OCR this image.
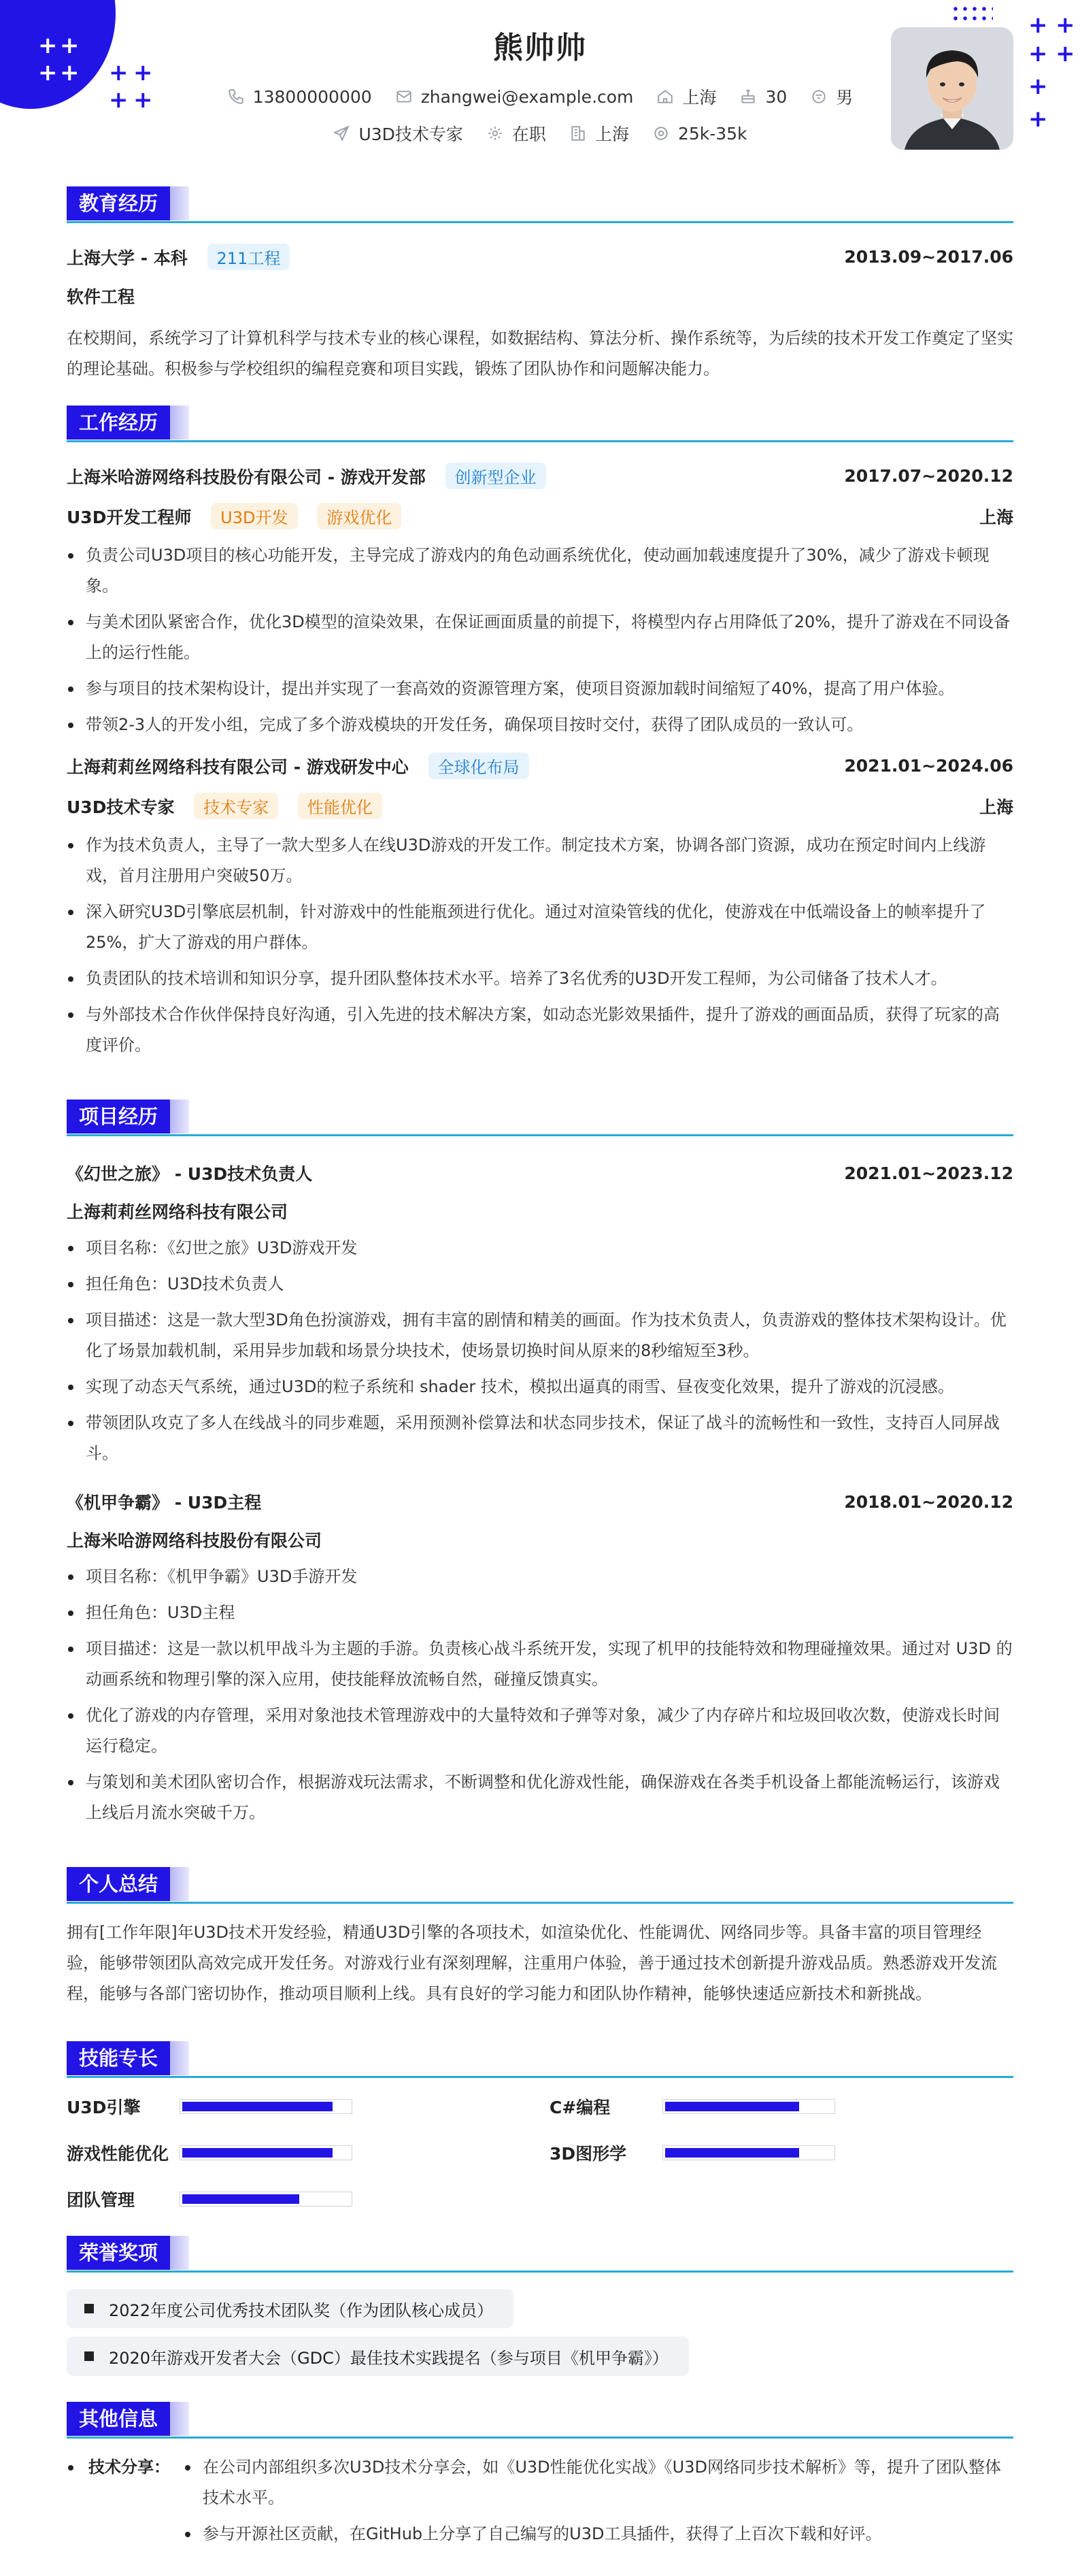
+ +
+ + + +
+ +
+ +
+ +
+
+
熊帅帅
13800000000	zhangwei@example.com	上海	30	男
U3D技术专家	在职	上海	25k-35k
教育经历
上海大学 - 本科 211工程	2013.09~2017.06
软件工程
在校期间，系统学习了计算机科学与技术专业的核心课程，如数据结构、算法分析、操作系统等，为后续的技术开发工作奠定了坚实的理论基础。积极参与学校组织的编程竞赛和项目实践，锻炼了团队协作和问题解决能力。
工作经历
上海米哈游网络科技股份有限公司 - 游戏开发部 创新型企业	2017.07~2020.12
U3D开发工程师 U3D开发 游戏优化	上海
负责公司U3D项目的核心功能开发，主导完成了游戏内的角色动画系统优化，使动画加载速度提升了30%，减少了游戏卡顿现象。
与美术团队紧密合作，优化3D模型的渲染效果，在保证画面质量的前提下，将模型内存占用降低了20%，提升了游戏在不同设备上的运行性能。
参与项目的技术架构设计，提出并实现了一套高效的资源管理方案，使项目资源加载时间缩短了40%，提高了用户体验。
带领2-3人的开发小组，完成了多个游戏模块的开发任务，确保项目按时交付，获得了团队成员的一致认可。
上海莉莉丝网络科技有限公司 - 游戏研发中心 全球化布局	2021.01~2024.06
U3D技术专家 技术专家 性能优化	上海
作为技术负责人，主导了一款大型多人在线U3D游戏的开发工作。制定技术方案，协调各部门资源，成功在预定时间内上线游戏，首月注册用户突破50万。
深入研究U3D引擎底层机制，针对游戏中的性能瓶颈进行优化。通过对渲染管线的优化，使游戏在中低端设备上的帧率提升了25%，扩大了游戏的用户群体。
负责团队的技术培训和知识分享，提升团队整体技术水平。培养了3名优秀的U3D开发工程师，为公司储备了技术人才。
与外部技术合作伙伴保持良好沟通，引入先进的技术解决方案，如动态光影效果插件，提升了游戏的画面品质，获得了玩家的高度评价。
项目经历
《幻世之旅》 - U3D技术负责人	2021.01~2023.12
上海莉莉丝网络科技有限公司
项目名称：《幻世之旅》U3D游戏开发
担任角色：U3D技术负责人
项目描述：这是一款大型3D角色扮演游戏，拥有丰富的剧情和精美的画面。作为技术负责人，负责游戏的整体技术架构设计。优化了场景加载机制，采用异步加载和场景分块技术，使场景切换时间从原来的8秒缩短至3秒。
实现了动态天气系统，通过U3D的粒子系统和 shader 技术，模拟出逼真的雨雪、昼夜变化效果，提升了游戏的沉浸感。
带领团队攻克了多人在线战斗的同步难题，采用预测补偿算法和状态同步技术，保证了战斗的流畅性和一致性，支持百人同屏战斗。
《机甲争霸》 - U3D主程	2018.01~2020.12
上海米哈游网络科技股份有限公司
项目名称：《机甲争霸》U3D手游开发
担任角色：U3D主程
项目描述：这是一款以机甲战斗为主题的手游。负责核心战斗系统开发，实现了机甲的技能特效和物理碰撞效果。通过对 U3D 的动画系统和物理引擎的深入应用，使技能释放流畅自然，碰撞反馈真实。
优化了游戏的内存管理，采用对象池技术管理游戏中的大量特效和子弹等对象，减少了内存碎片和垃圾回收次数，使游戏长时间运行稳定。
与策划和美术团队密切合作，根据游戏玩法需求，不断调整和优化游戏性能，确保游戏在各类手机设备上都能流畅运行，该游戏上线后月流水突破千万。
个人总结
拥有[工作年限]年U3D技术开发经验，精通U3D引擎的各项技术，如渲染优化、性能调优、网络同步等。具备丰富的项目管理经验，能够带领团队高效完成开发任务。对游戏行业有深刻理解，注重用户体验，善于通过技术创新提升游戏品质。熟悉游戏开发流程，能够与各部门密切协作，推动项目顺利上线。具有良好的学习能力和团队协作精神，能够快速适应新技术和新挑战。
技能专长
U3D引擎	C#编程
游戏性能优化	3D图形学
团队管理
荣誉奖项
2022年度公司优秀技术团队奖（作为团队核心成员）
2020年游戏开发者大会（GDC）最佳技术实践提名（参与项目《机甲争霸》）
其他信息
技术分享：	在公司内部组织多次U3D技术分享会，如《U3D性能优化实战》《U3D网络同步技术解析》等，提升了团队整体技术水平。
参与开源社区贡献，在GitHub上分享了自己编写的U3D工具插件，获得了上百次下载和好评。
